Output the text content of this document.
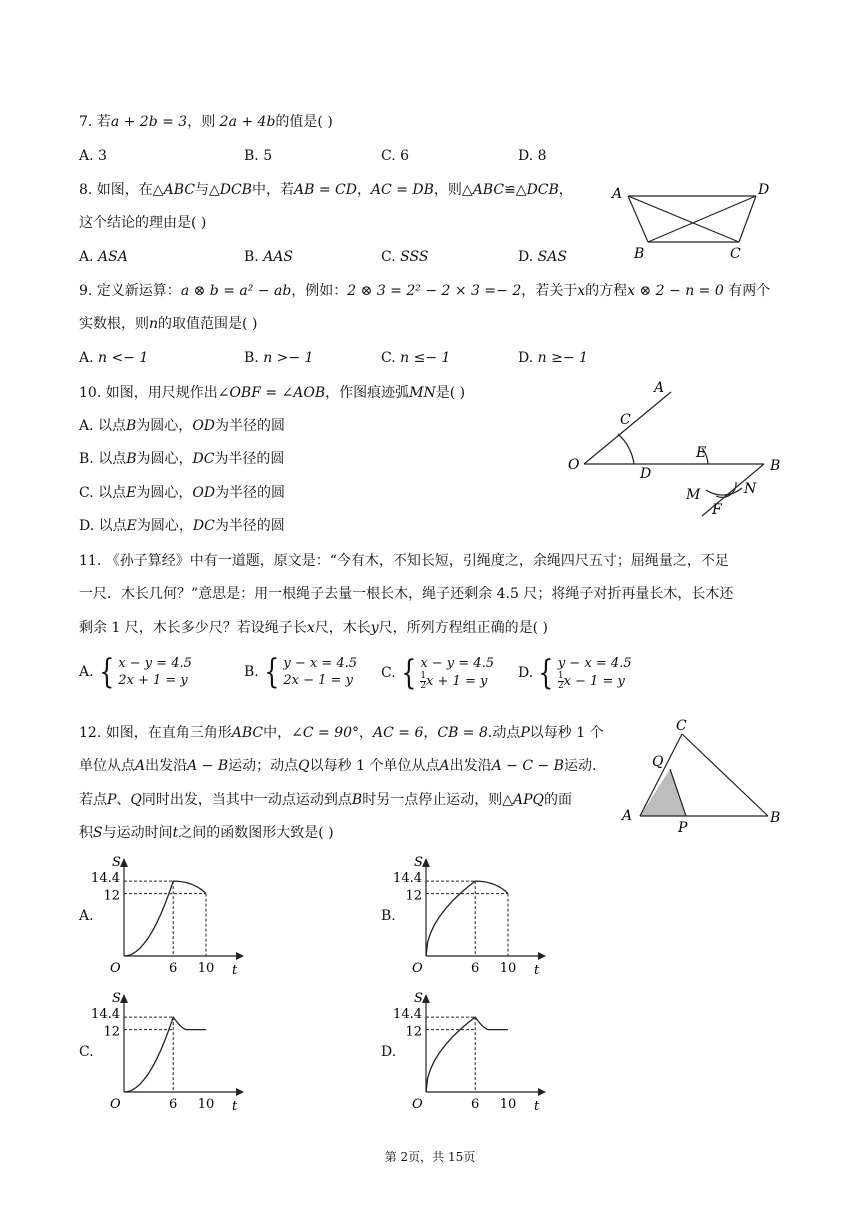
7. 若a + 2b = 3，则 2a + 4b的值是( )
A. 3	B. 5	C. 6	D. 8
8. 如图，在△ABC与△DCB中，若AB = CD，AC = DB，则△ABC≌△DCB，
这个结论的理由是( )
A. ASA	B. AAS	C. SSS	D. SAS
A	D
B	C
9. 定义新运算：a ⊗ b = a² − ab，例如：2 ⊗ 3 = 2² − 2 × 3 =− 2，若关于x的方程x ⊗ 2 − n = 0 有两个
实数根，则n的取值范围是( )
A. n <− 1	B. n >− 1	C. n ≤− 1	D. n ≥− 1
10. 如图，用尺规作出∠OBF = ∠AOB，作图痕迹弧MN是( )
A. 以点B为圆心，OD为半径的圆
B. 以点B为圆心，DC为半径的圆
C. 以点E为圆心，OD为半径的圆
D. 以点E为圆心，DC为半径的圆
A
C
O
D
E
B
M	N
F
11. 《孙子算经》中有一道题，原文是：“今有木，不知长短，引绳度之，余绳四尺五寸；屈绳量之，不足
一尺．木长几何？”意思是：用一根绳子去量一根长木，绳子还剩余 4.5 尺；将绳子对折再量长木，长木还
剩余 1 尺，木长多少尺？若设绳子长x尺，木长y尺，所列方程组正确的是( )
A. { x − y = 4.5
2x + 1 = y
B. { y − x = 4.5
2x − 1 = y C. { x − y = 4.5
$\frac{1}{2}$ x + 1 = y
D. { y − x = 4.5
$\frac{1}{2}$ x − 1 = y
12. 如图，在直角三角形ABC中，∠C = 90°，AC = 6，CB = 8.动点P以每秒 1 个
单位从点A出发沿A − B运动；动点Q以每秒 1 个单位从点A出发沿A − C − B运动.
若点P、Q同时出发，当其中一动点运动到点B时另一点停止运动，则△APQ的面
积S与运动时间t之间的函数图形大致是( )
C
Q
A
P
B
A.	B.
C.	D.
S
t
O
14.4
12
6 10
S
t
O
14.4
12
6 10
S
t
O
14.4
12
6 10
S
t
O
14.4
12
6 10
第 2页，共 15页
